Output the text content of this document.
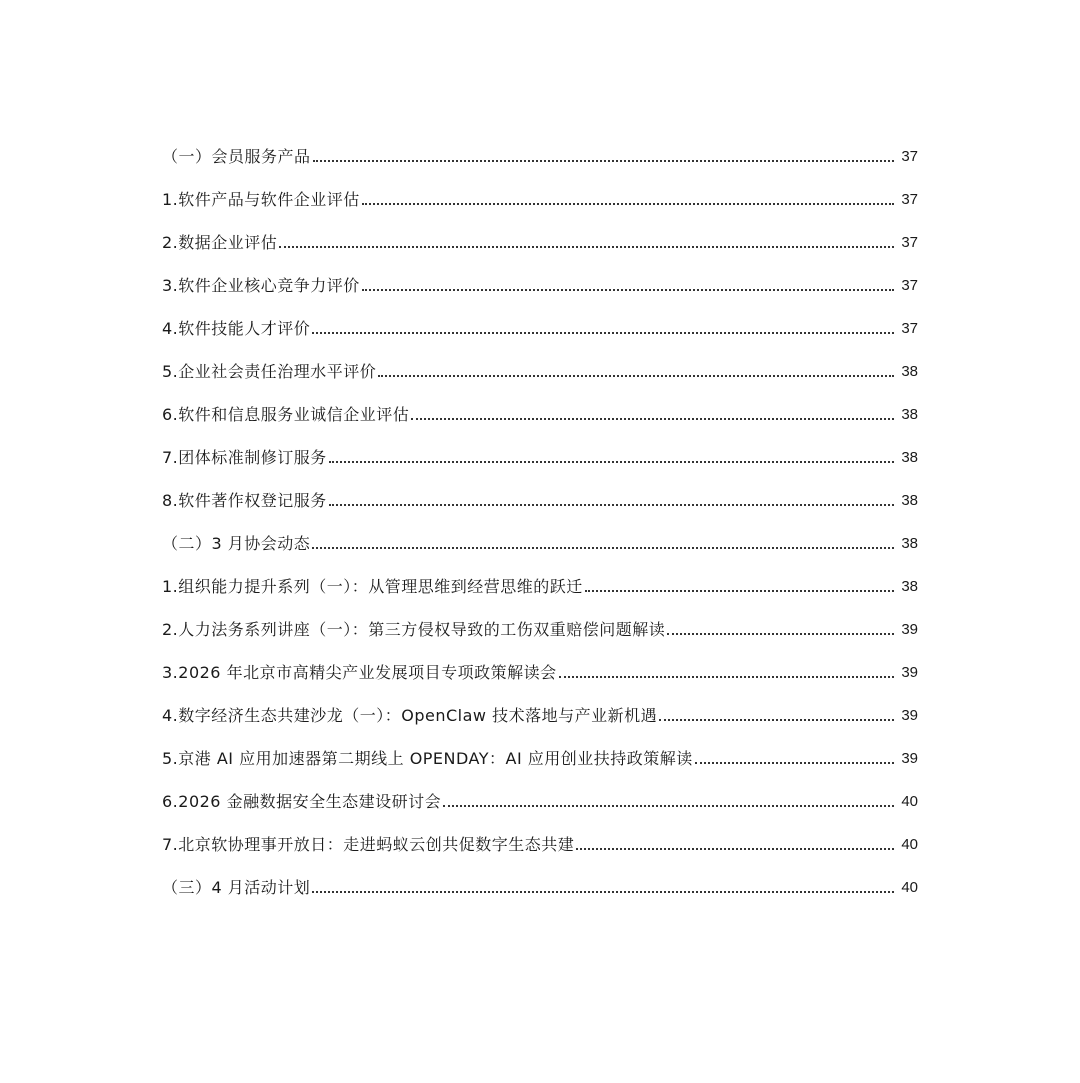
（一）会员服务产品	37
1.软件产品与软件企业评估	37
2.数据企业评估	37
3.软件企业核心竞争力评价	37
4.软件技能人才评价	37
5.企业社会责任治理水平评价	38
6.软件和信息服务业诚信企业评估	38
7.团体标准制修订服务	38
8.软件著作权登记服务	38
（二）3 月协会动态	38
1.组织能力提升系列（一）：从管理思维到经营思维的跃迁	38
2.人力法务系列讲座（一）：第三方侵权导致的工伤双重赔偿问题解读	39
3.2026 年北京市高精尖产业发展项目专项政策解读会	39
4.数字经济生态共建沙龙（一）：OpenClaw 技术落地与产业新机遇	39
5.京港 AI 应用加速器第二期线上 OPENDAY：AI 应用创业扶持政策解读	39
6.2026 金融数据安全生态建设研讨会	40
7.北京软协理事开放日：走进蚂蚁云创共促数字生态共建	40
（三）4 月活动计划	40
